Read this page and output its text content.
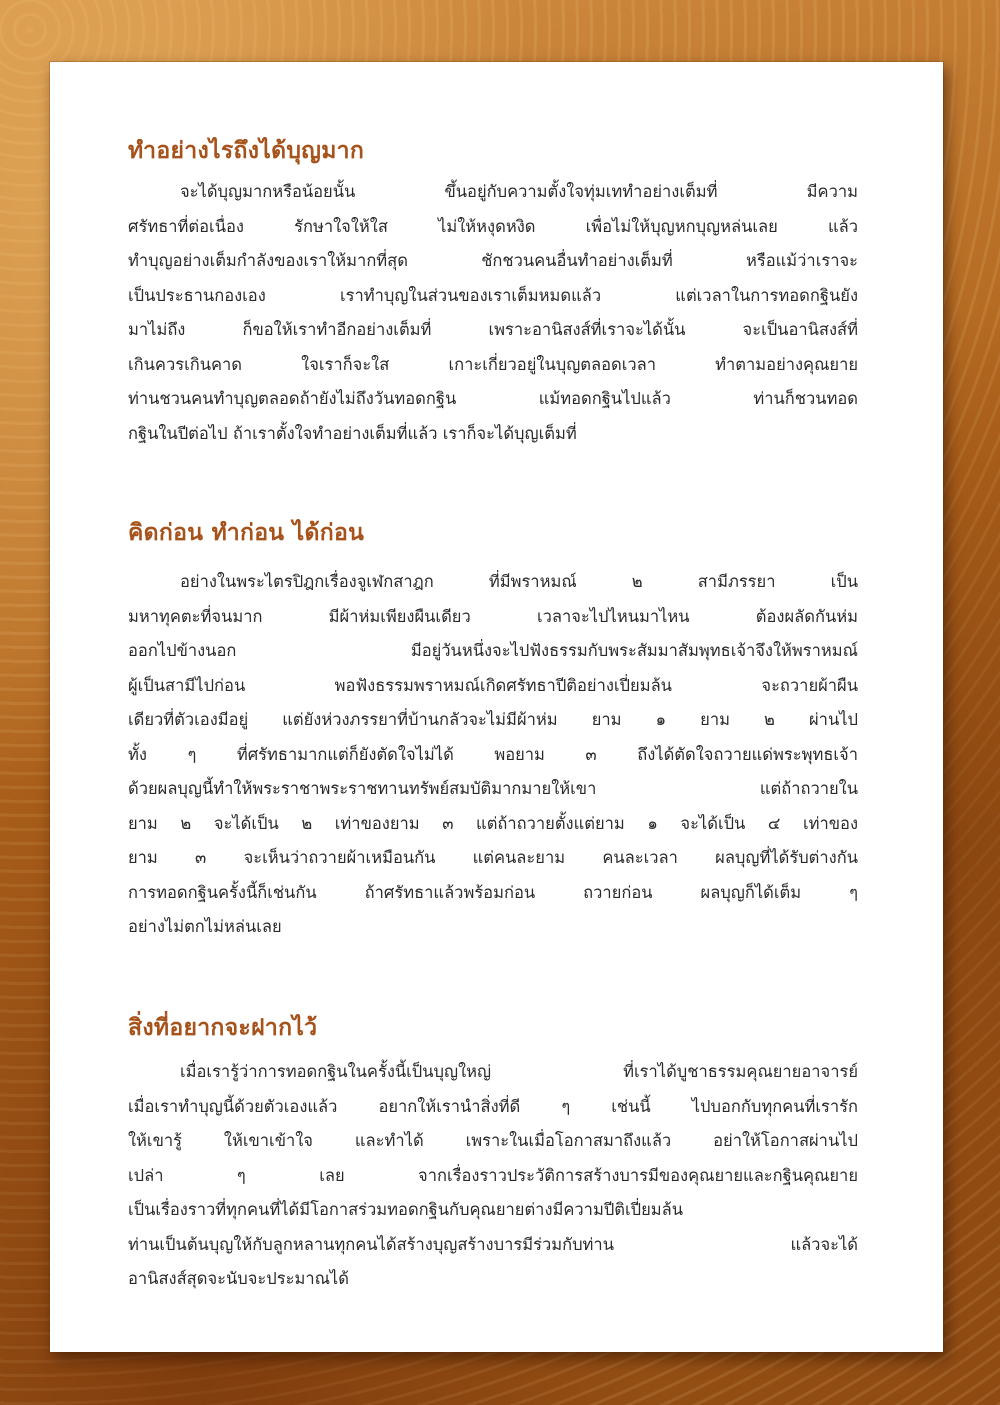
ทำอย่างไรถึงได้บุญมาก
จะได้บุญมากหรือน้อยนั้น ขึ้นอยู่กับความตั้งใจทุ่มเททำอย่างเต็มที่ มีความ
ศรัทธาที่ต่อเนื่อง รักษาใจให้ใส ไม่ให้หงุดหงิด เพื่อไม่ให้บุญหกบุญหล่นเลย แล้ว
ทำบุญอย่างเต็มกำลังของเราให้มากที่สุด ชักชวนคนอื่นทำอย่างเต็มที่ หรือแม้ว่าเราจะ
เป็นประธานกองเอง เราทำบุญในส่วนของเราเต็มหมดแล้ว แต่เวลาในการทอดกฐินยัง
มาไม่ถึง ก็ขอให้เราทำอีกอย่างเต็มที่ เพราะอานิสงส์ที่เราจะได้นั้น จะเป็นอานิสงส์ที่
เกินควรเกินคาด ใจเราก็จะใส เกาะเกี่ยวอยู่ในบุญตลอดเวลา ทำตามอย่างคุณยาย
ท่านชวนคนทำบุญตลอดถ้ายังไม่ถึงวันทอดกฐิน แม้ทอดกฐินไปแล้ว ท่านก็ชวนทอด
กฐินในปีต่อไป ถ้าเราตั้งใจทำอย่างเต็มที่แล้ว เราก็จะได้บุญเต็มที่
คิดก่อน ทำก่อน ได้ก่อน
อย่างในพระไตรปิฎกเรื่องจูเฬกสาฎก ที่มีพราหมณ์ ๒ สามีภรรยา เป็น
มหาทุคตะที่จนมาก มีผ้าห่มเพียงผืนเดียว เวลาจะไปไหนมาไหน ต้องผลัดกันห่ม
ออกไปข้างนอก มีอยู่วันหนึ่งจะไปฟังธรรมกับพระสัมมาสัมพุทธเจ้าจึงให้พราหมณ์
ผู้เป็นสามีไปก่อน พอฟังธรรมพราหมณ์เกิดศรัทธาปีติอย่างเปี่ยมล้น จะถวายผ้าผืน
เดียวที่ตัวเองมีอยู่ แต่ยังห่วงภรรยาที่บ้านกลัวจะไม่มีผ้าห่ม ยาม ๑ ยาม ๒ ผ่านไป
ทั้ง ๆ ที่ศรัทธามากแต่ก็ยังตัดใจไม่ได้ พอยาม ๓ ถึงได้ตัดใจถวายแด่พระพุทธเจ้า
ด้วยผลบุญนี้ทำให้พระราชาพระราชทานทรัพย์สมบัติมากมายให้เขา แต่ถ้าถวายใน
ยาม ๒ จะได้เป็น ๒ เท่าของยาม ๓ แต่ถ้าถวายตั้งแต่ยาม ๑ จะได้เป็น ๔ เท่าของ
ยาม ๓ จะเห็นว่าถวายผ้าเหมือนกัน แต่คนละยาม คนละเวลา ผลบุญที่ได้รับต่างกัน
การทอดกฐินครั้งนี้ก็เช่นกัน ถ้าศรัทธาแล้วพร้อมก่อน ถวายก่อน ผลบุญก็ได้เต็ม ๆ
อย่างไม่ตกไม่หล่นเลย
สิ่งที่อยากจะฝากไว้
เมื่อเรารู้ว่าการทอดกฐินในครั้งนี้เป็นบุญใหญ่ ที่เราได้บูชาธรรมคุณยายอาจารย์
เมื่อเราทำบุญนี้ด้วยตัวเองแล้ว อยากให้เรานำสิ่งที่ดี ๆ เช่นนี้ ไปบอกกับทุกคนที่เรารัก
ให้เขารู้ ให้เขาเข้าใจ และทำได้ เพราะในเมื่อโอกาสมาถึงแล้ว อย่าให้โอกาสผ่านไป
เปล่า ๆ เลย จากเรื่องราวประวัติการสร้างบารมีของคุณยายและกฐินคุณยาย
เป็นเรื่องราวที่ทุกคนที่ได้มีโอกาสร่วมทอดกฐินกับคุณยายต่างมีความปีติเปี่ยมล้น
ท่านเป็นต้นบุญให้กับลูกหลานทุกคนได้สร้างบุญสร้างบารมีร่วมกับท่าน แล้วจะได้
อานิสงส์สุดจะนับจะประมาณได้
